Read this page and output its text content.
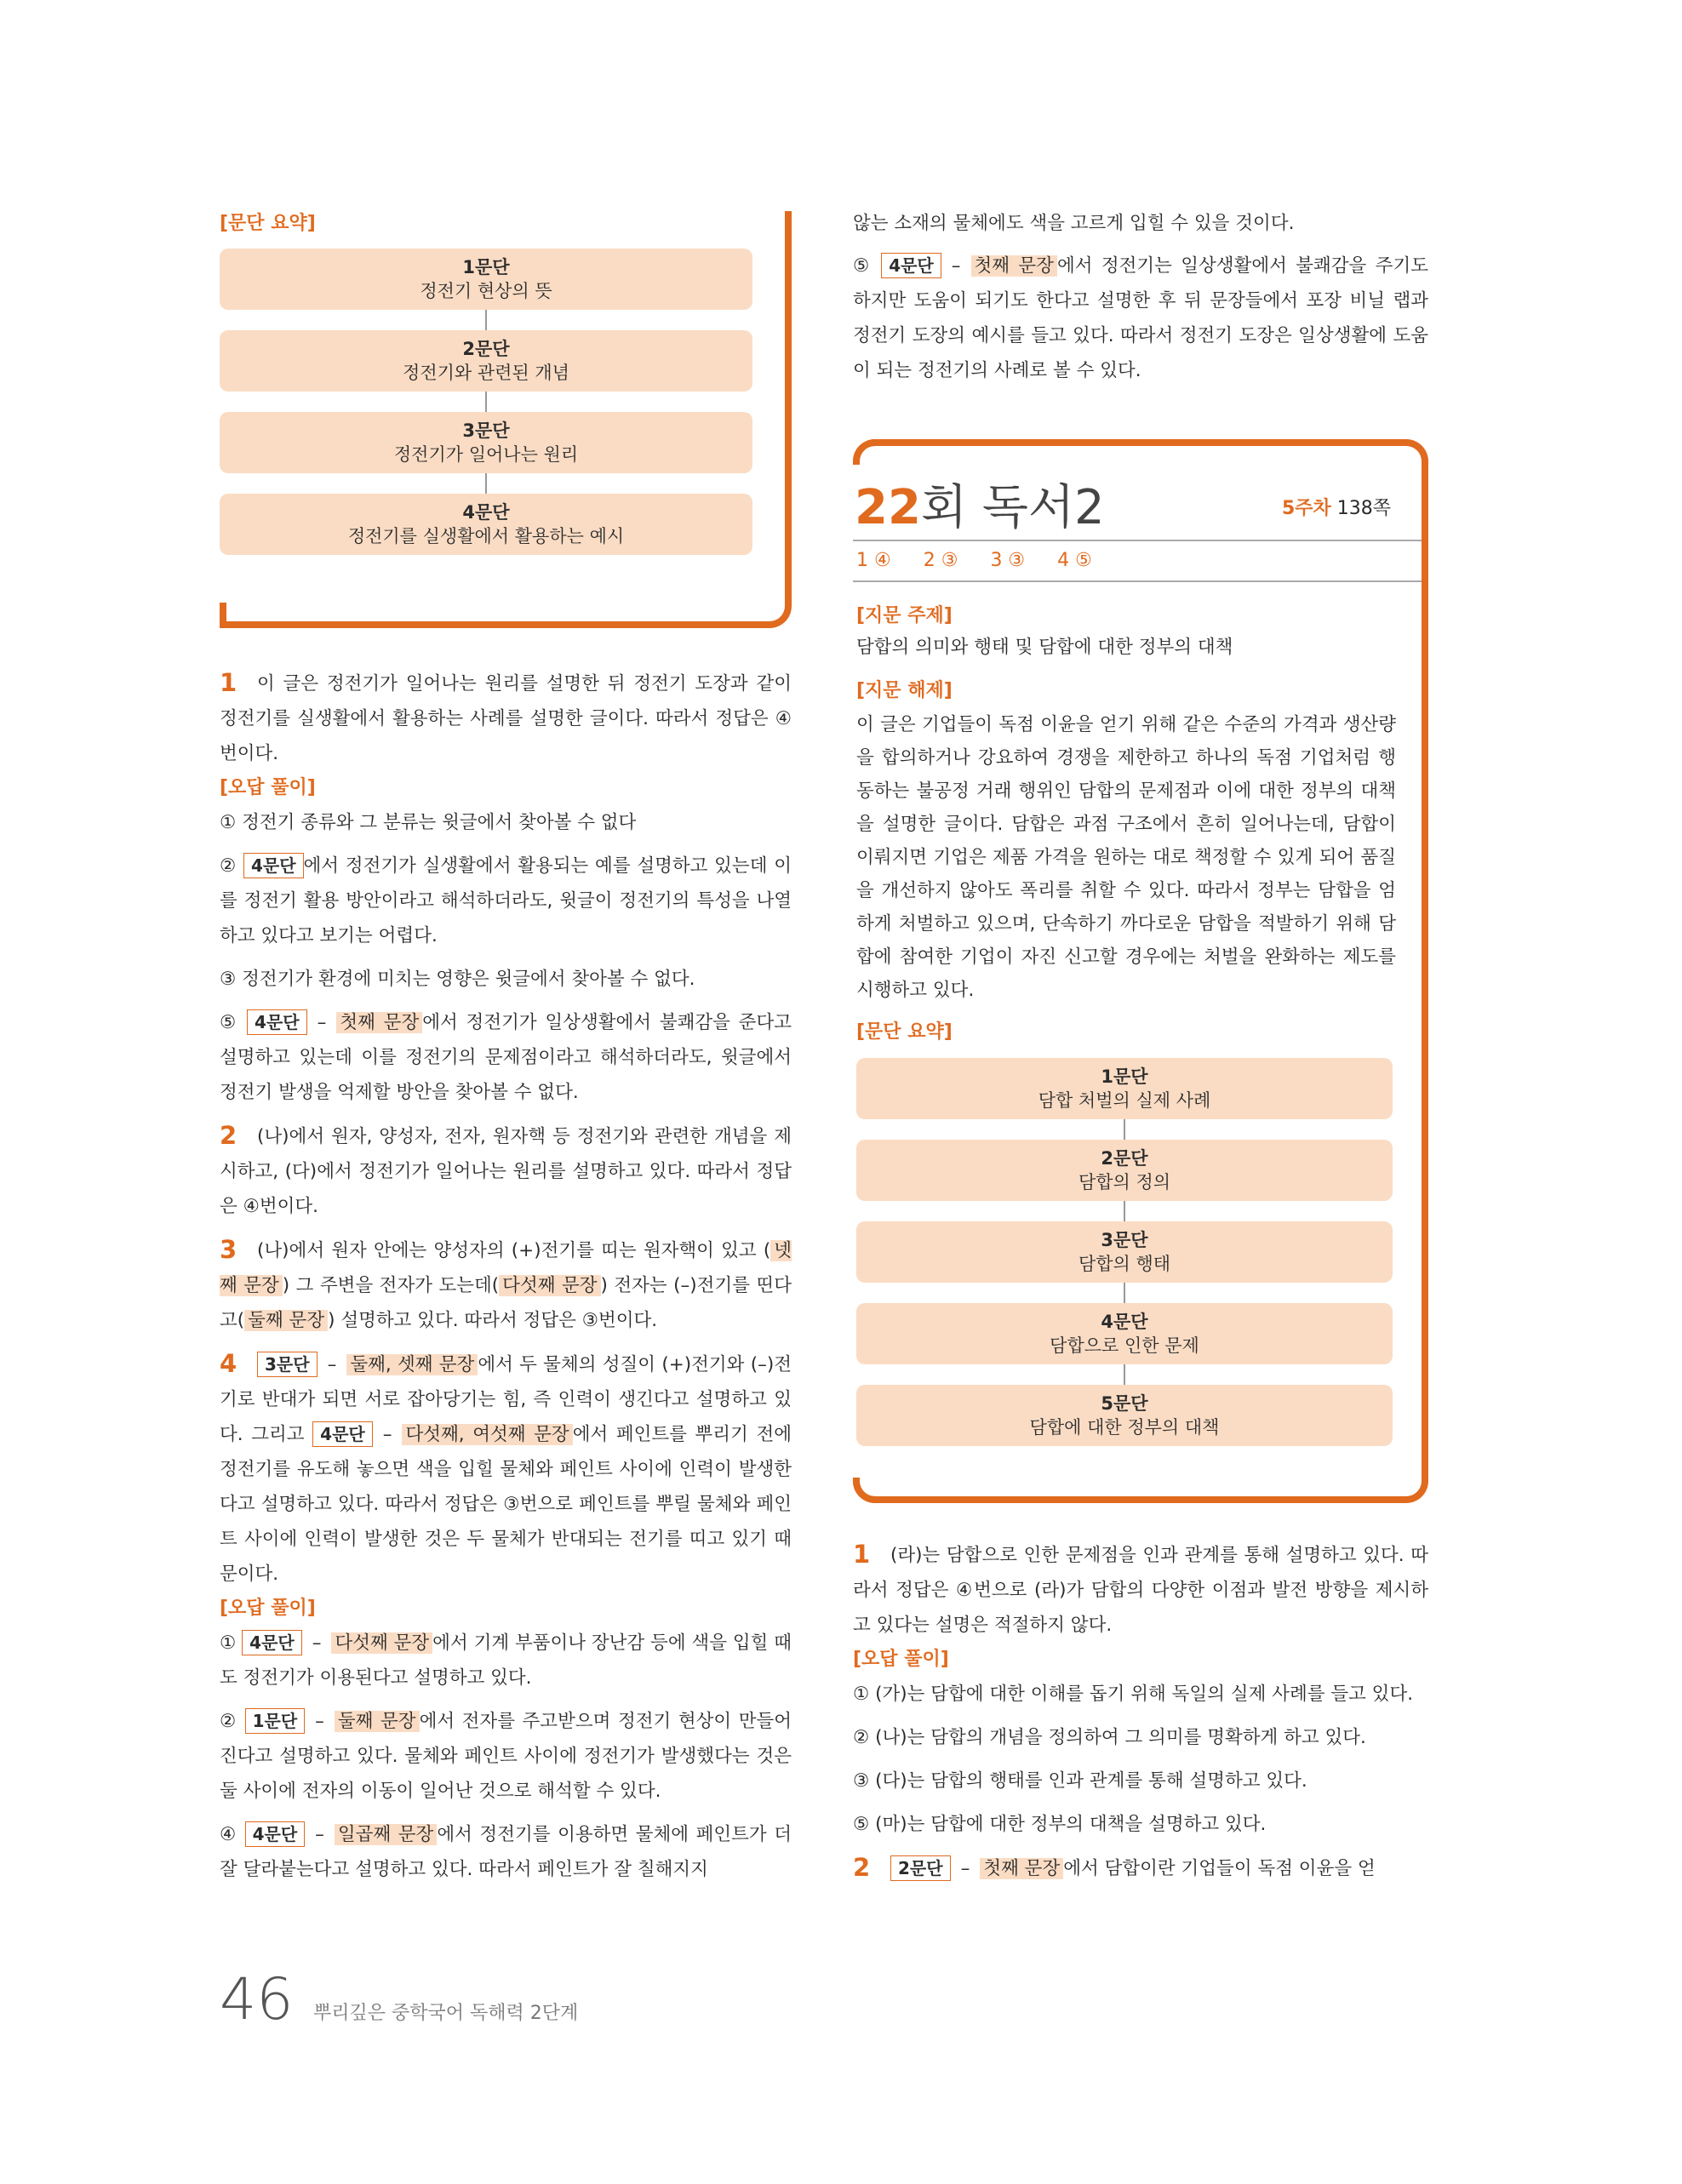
[문단 요약]
1문단
정전기 현상의 뜻
2문단
정전기와 관련된 개념
3문단
정전기가 일어나는 원리
4문단
정전기를 실생활에서 활용하는 예시
1 이 글은 정전기가 일어나는 원리를 설명한 뒤 정전기 도장과 같이 정전기를 실생활에서 활용하는 사례를 설명한 글이다. 따라서 정답은 ④번이다.
[오답 풀이]
① 정전기 종류와 그 분류는 윗글에서 찾아볼 수 없다
② 4문단 에서 정전기가 실생활에서 활용되는 예를 설명하고 있는데 이를 정전기 활용 방안이라고 해석하더라도, 윗글이 정전기의 특성을 나열하고 있다고 보기는 어렵다.
③ 정전기가 환경에 미치는 영향은 윗글에서 찾아볼 수 없다.
⑤ 4문단 – 첫째 문장 에서 정전기가 일상생활에서 불쾌감을 준다고 설명하고 있는데 이를 정전기의 문제점이라고 해석하더라도, 윗글에서 정전기 발생을 억제할 방안을 찾아볼 수 없다.
2 (나)에서 원자, 양성자, 전자, 원자핵 등 정전기와 관련한 개념을 제시하고, (다)에서 정전기가 일어나는 원리를 설명하고 있다. 따라서 정답은 ④번이다.
3 (나)에서 원자 안에는 양성자의 (+)전기를 띠는 원자핵이 있고 ( 넷째 문장 ) 그 주변을 전자가 도는데( 다섯째 문장 ) 전자는 (–)전기를 띤다고( 둘째 문장 ) 설명하고 있다. 따라서 정답은 ③번이다.
4 3문단 – 둘째, 셋째 문장 에서 두 물체의 성질이 (+)전기와 (–)전기로 반대가 되면 서로 잡아당기는 힘, 즉 인력이 생긴다고 설명하고 있다. 그리고 4문단 – 다섯째, 여섯째 문장 에서 페인트를 뿌리기 전에 정전기를 유도해 놓으면 색을 입힐 물체와 페인트 사이에 인력이 발생한다고 설명하고 있다. 따라서 정답은 ③번으로 페인트를 뿌릴 물체와 페인트 사이에 인력이 발생한 것은 두 물체가 반대되는 전기를 띠고 있기 때문이다.
[오답 풀이]
① 4문단 – 다섯째 문장 에서 기계 부품이나 장난감 등에 색을 입힐 때도 정전기가 이용된다고 설명하고 있다.
② 1문단 – 둘째 문장 에서 전자를 주고받으며 정전기 현상이 만들어진다고 설명하고 있다. 물체와 페인트 사이에 정전기가 발생했다는 것은 둘 사이에 전자의 이동이 일어난 것으로 해석할 수 있다.
④ 4문단 – 일곱째 문장 에서 정전기를 이용하면 물체에 페인트가 더 잘 달라붙는다고 설명하고 있다. 따라서 페인트가 잘 칠해지지
않는 소재의 물체에도 색을 고르게 입힐 수 있을 것이다.
⑤ 4문단 – 첫째 문장 에서 정전기는 일상생활에서 불쾌감을 주기도 하지만 도움이 되기도 한다고 설명한 후 뒤 문장들에서 포장 비닐 랩과 정전기 도장의 예시를 들고 있다. 따라서 정전기 도장은 일상생활에 도움이 되는 정전기의 사례로 볼 수 있다.
22회 독서2	5주차 138쪽
1 ④ 2 ③ 3 ③ 4 ⑤
[지문 주제]
담합의 의미와 행태 및 담합에 대한 정부의 대책
[지문 해제]
이 글은 기업들이 독점 이윤을 얻기 위해 같은 수준의 가격과 생산량을 합의하거나 강요하여 경쟁을 제한하고 하나의 독점 기업처럼 행동하는 불공정 거래 행위인 담합의 문제점과 이에 대한 정부의 대책을 설명한 글이다. 담합은 과점 구조에서 흔히 일어나는데, 담합이 이뤄지면 기업은 제품 가격을 원하는 대로 책정할 수 있게 되어 품질을 개선하지 않아도 폭리를 취할 수 있다. 따라서 정부는 담합을 엄하게 처벌하고 있으며, 단속하기 까다로운 담합을 적발하기 위해 담합에 참여한 기업이 자진 신고할 경우에는 처벌을 완화하는 제도를 시행하고 있다.
[문단 요약]
1문단
담합 처벌의 실제 사례
2문단
담합의 정의
3문단
담합의 행태
4문단
담합으로 인한 문제
5문단
담합에 대한 정부의 대책
1 (라)는 담합으로 인한 문제점을 인과 관계를 통해 설명하고 있다. 따라서 정답은 ④번으로 (라)가 담합의 다양한 이점과 발전 방향을 제시하고 있다는 설명은 적절하지 않다.
[오답 풀이]
① (가)는 담합에 대한 이해를 돕기 위해 독일의 실제 사례를 들고 있다.
② (나)는 담합의 개념을 정의하여 그 의미를 명확하게 하고 있다.
③ (다)는 담합의 행태를 인과 관계를 통해 설명하고 있다.
⑤ (마)는 담합에 대한 정부의 대책을 설명하고 있다.
2 2문단 – 첫째 문장 에서 담합이란 기업들이 독점 이윤을 얻
46 뿌리깊은 중학국어 독해력 2단계
